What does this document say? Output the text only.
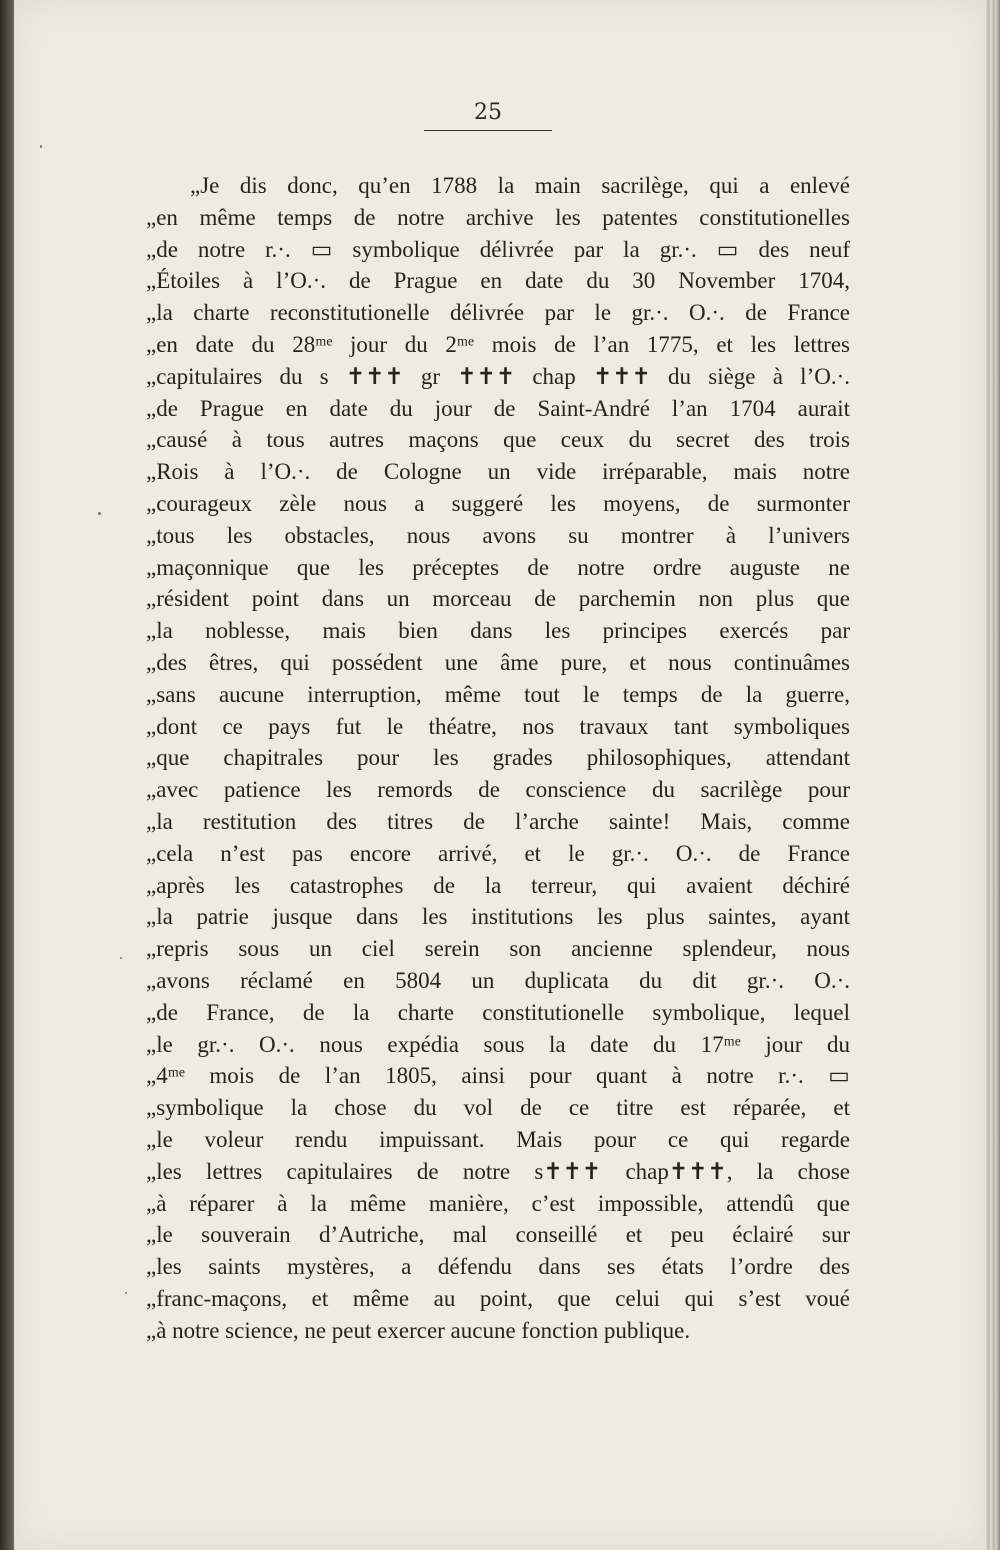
25
„Je dis donc, qu’en 1788 la main sacrilège, qui a enlevé
„en même temps de notre archive les patentes constitutionelles
„de notre r.·. ▭ symbolique délivrée par la gr.·. ▭ des neuf
„Étoiles à l’O.·. de Prague en date du 30 November 1704,
„la charte reconstitutionelle délivrée par le gr.·. O.·. de France
„en date du 28ᵐᵉ jour du 2ᵐᵉ mois de l’an 1775, et les lettres
„capitulaires du s ✝✝✝ gr ✝✝✝ chap ✝✝✝ du siège à l’O.·.
„de Prague en date du jour de Saint-André l’an 1704 aurait
„causé à tous autres maçons que ceux du secret des trois
„Rois à l’O.·. de Cologne un vide irréparable, mais notre
„courageux zèle nous a suggeré les moyens, de surmonter
„tous les obstacles, nous avons su montrer à l’univers
„maçonnique que les préceptes de notre ordre auguste ne
„résident point dans un morceau de parchemin non plus que
„la noblesse, mais bien dans les principes exercés par
„des êtres, qui possédent une âme pure, et nous continuâmes
„sans aucune interruption, même tout le temps de la guerre,
„dont ce pays fut le théatre, nos travaux tant symboliques
„que chapitrales pour les grades philosophiques, attendant
„avec patience les remords de conscience du sacrilège pour
„la restitution des titres de l’arche sainte! Mais, comme
„cela n’est pas encore arrivé, et le gr.·. O.·. de France
„après les catastrophes de la terreur, qui avaient déchiré
„la patrie jusque dans les institutions les plus saintes, ayant
„repris sous un ciel serein son ancienne splendeur, nous
„avons réclamé en 5804 un duplicata du dit gr.·. O.·.
„de France, de la charte constitutionelle symbolique, lequel
„le gr.·. O.·. nous expédia sous la date du 17ᵐᵉ jour du
„4ᵐᵉ mois de l’an 1805, ainsi pour quant à notre r.·. ▭
„symbolique la chose du vol de ce titre est réparée, et
„le voleur rendu impuissant. Mais pour ce qui regarde
„les lettres capitulaires de notre s✝✝✝ chap✝✝✝, la chose
„à réparer à la même manière, c’est impossible, attendû que
„le souverain d’Autriche, mal conseillé et peu éclairé sur
„les saints mystères, a défendu dans ses états l’ordre des
„franc-maçons, et même au point, que celui qui s’est voué
„à notre science, ne peut exercer aucune fonction publique.
